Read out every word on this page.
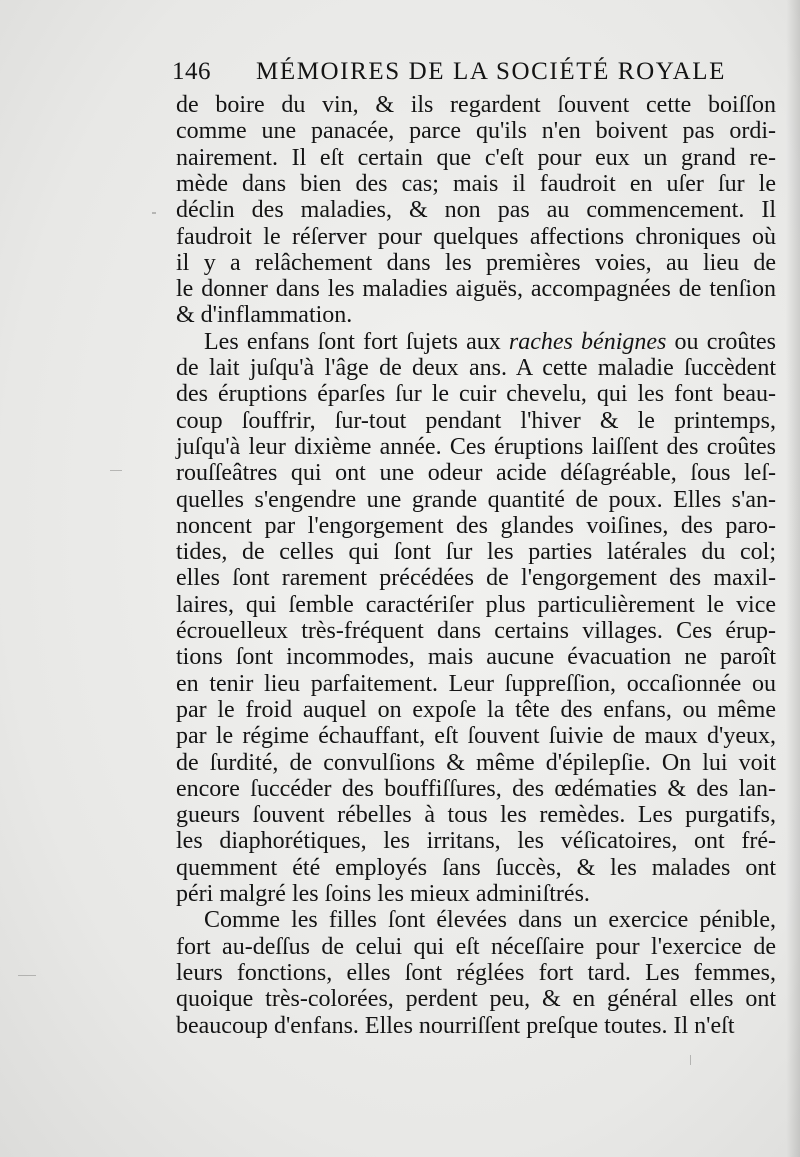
146 MÉMOIRES DE LA SOCIÉTÉ ROYALE
de boire du vin, & ils regardent ſouvent cette boiſſon
comme une panacée, parce qu'ils n'en boivent pas ordi-
nairement. Il eſt certain que c'eſt pour eux un grand re-
mède dans bien des cas; mais il faudroit en uſer ſur le
déclin des maladies, & non pas au commencement. Il
faudroit le réſerver pour quelques affections chroniques où
il y a relâchement dans les premières voies, au lieu de
le donner dans les maladies aiguës, accompagnées de tenſion
& d'inflammation.
Les enfans ſont fort ſujets aux raches bénignes ou croûtes
de lait juſqu'à l'âge de deux ans. A cette maladie ſuccèdent
des éruptions éparſes ſur le cuir chevelu, qui les font beau-
coup ſouffrir, ſur-tout pendant l'hiver & le printemps,
juſqu'à leur dixième année. Ces éruptions laiſſent des croûtes
rouſſeâtres qui ont une odeur acide déſagréable, ſous leſ-
quelles s'engendre une grande quantité de poux. Elles s'an-
noncent par l'engorgement des glandes voiſines, des paro-
tides, de celles qui ſont ſur les parties latérales du col;
elles ſont rarement précédées de l'engorgement des maxil-
laires, qui ſemble caractériſer plus particulièrement le vice
écrouelleux très-fréquent dans certains villages. Ces érup-
tions ſont incommodes, mais aucune évacuation ne paroît
en tenir lieu parfaitement. Leur ſuppreſſion, occaſionnée ou
par le froid auquel on expoſe la tête des enfans, ou même
par le régime échauffant, eſt ſouvent ſuivie de maux d'yeux,
de ſurdité, de convulſions & même d'épilepſie. On lui voit
encore ſuccéder des bouffiſſures, des œdématies & des lan-
gueurs ſouvent rébelles à tous les remèdes. Les purgatifs,
les diaphorétiques, les irritans, les véſicatoires, ont fré-
quemment été employés ſans ſuccès, & les malades ont
péri malgré les ſoins les mieux adminiſtrés.
Comme les filles ſont élevées dans un exercice pénible,
fort au-deſſus de celui qui eſt néceſſaire pour l'exercice de
leurs fonctions, elles ſont réglées fort tard. Les femmes,
quoique très-colorées, perdent peu, & en général elles ont
beaucoup d'enfans. Elles nourriſſent preſque toutes. Il n'eſt
